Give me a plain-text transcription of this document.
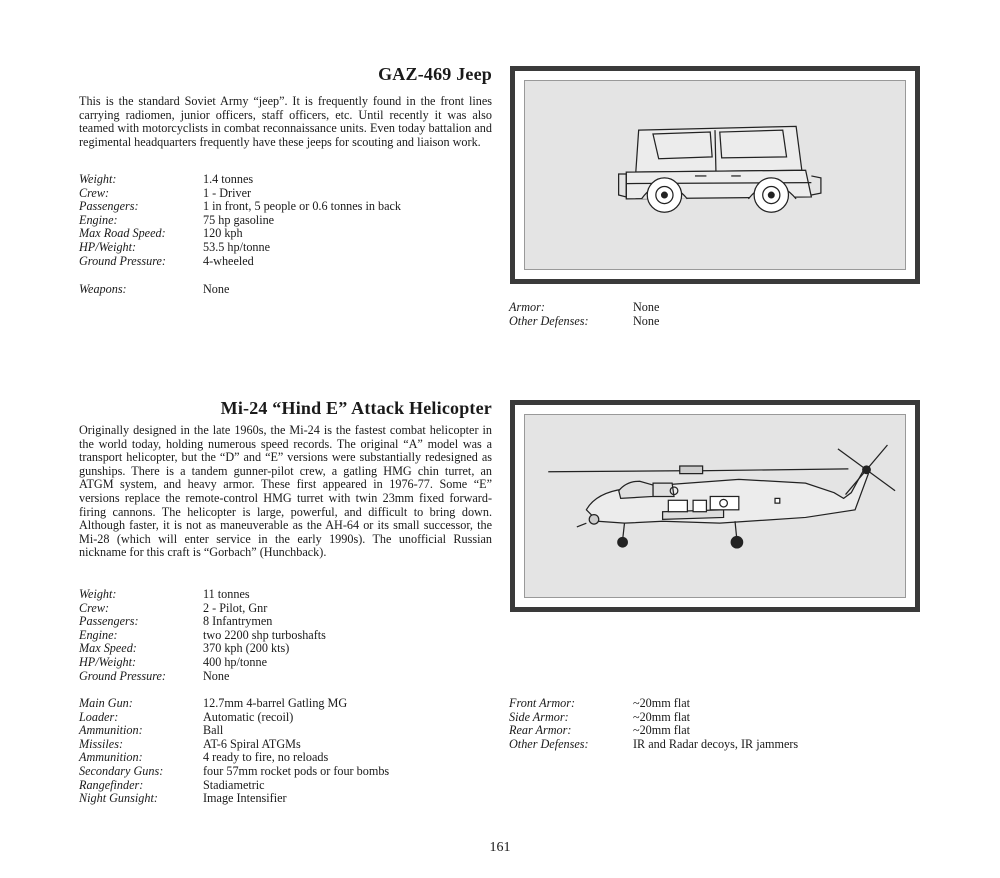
GAZ-469 Jeep
This is the standard Soviet Army “jeep”. It is frequently found in the front lines carrying radiomen, junior officers, staff officers, etc. Until recently it was also teamed with motorcyclists in combat reconnaissance units. Even today battalion and regimental headquarters frequently have these jeeps for scouting and liaison work.
Weight:	1.4 tonnes
Crew:	1 - Driver
Passengers:	1 in front, 5 people or 0.6 tonnes in back
Engine:	75 hp gasoline
Max Road Speed:	120 kph
HP/Weight:	53.5 hp/tonne
Ground Pressure:	4-wheeled
Weapons:	None
Armor:	None
Other Defenses:	None
Mi-24 “Hind E” Attack Helicopter
Originally designed in the late 1960s, the Mi-24 is the fastest combat helicopter in the world today, holding numerous speed records. The original “A” model was a transport helicopter, but the “D” and “E” versions were substantially redesigned as gunships. There is a tandem gunner-pilot crew, a gatling HMG chin turret, an ATGM system, and heavy armor. These first appeared in 1976-77. Some “E” versions replace the remote-control HMG turret with twin 23mm fixed forward-firing cannons. The helicopter is large, powerful, and difficult to bring down. Although faster, it is not as maneuverable as the AH-64 or its small successor, the Mi-28 (which will enter service in the early 1990s). The unofficial Russian nickname for this craft is “Gorbach” (Hunchback).
Weight:	11 tonnes
Crew:	2 - Pilot, Gnr
Passengers:	8 Infantrymen
Engine:	two 2200 shp turboshafts
Max Speed:	370 kph (200 kts)
HP/Weight:	400 hp/tonne
Ground Pressure:	None
Main Gun:	12.7mm 4-barrel Gatling MG
Loader:	Automatic (recoil)
Ammunition:	Ball
Missiles:	AT-6 Spiral ATGMs
Ammunition:	4 ready to fire, no reloads
Secondary Guns:	four 57mm rocket pods or four bombs
Rangefinder:	Stadiametric
Night Gunsight:	Image Intensifier
Front Armor:	~20mm flat
Side Armor:	~20mm flat
Rear Armor:	~20mm flat
Other Defenses:	IR and Radar decoys, IR jammers
161
